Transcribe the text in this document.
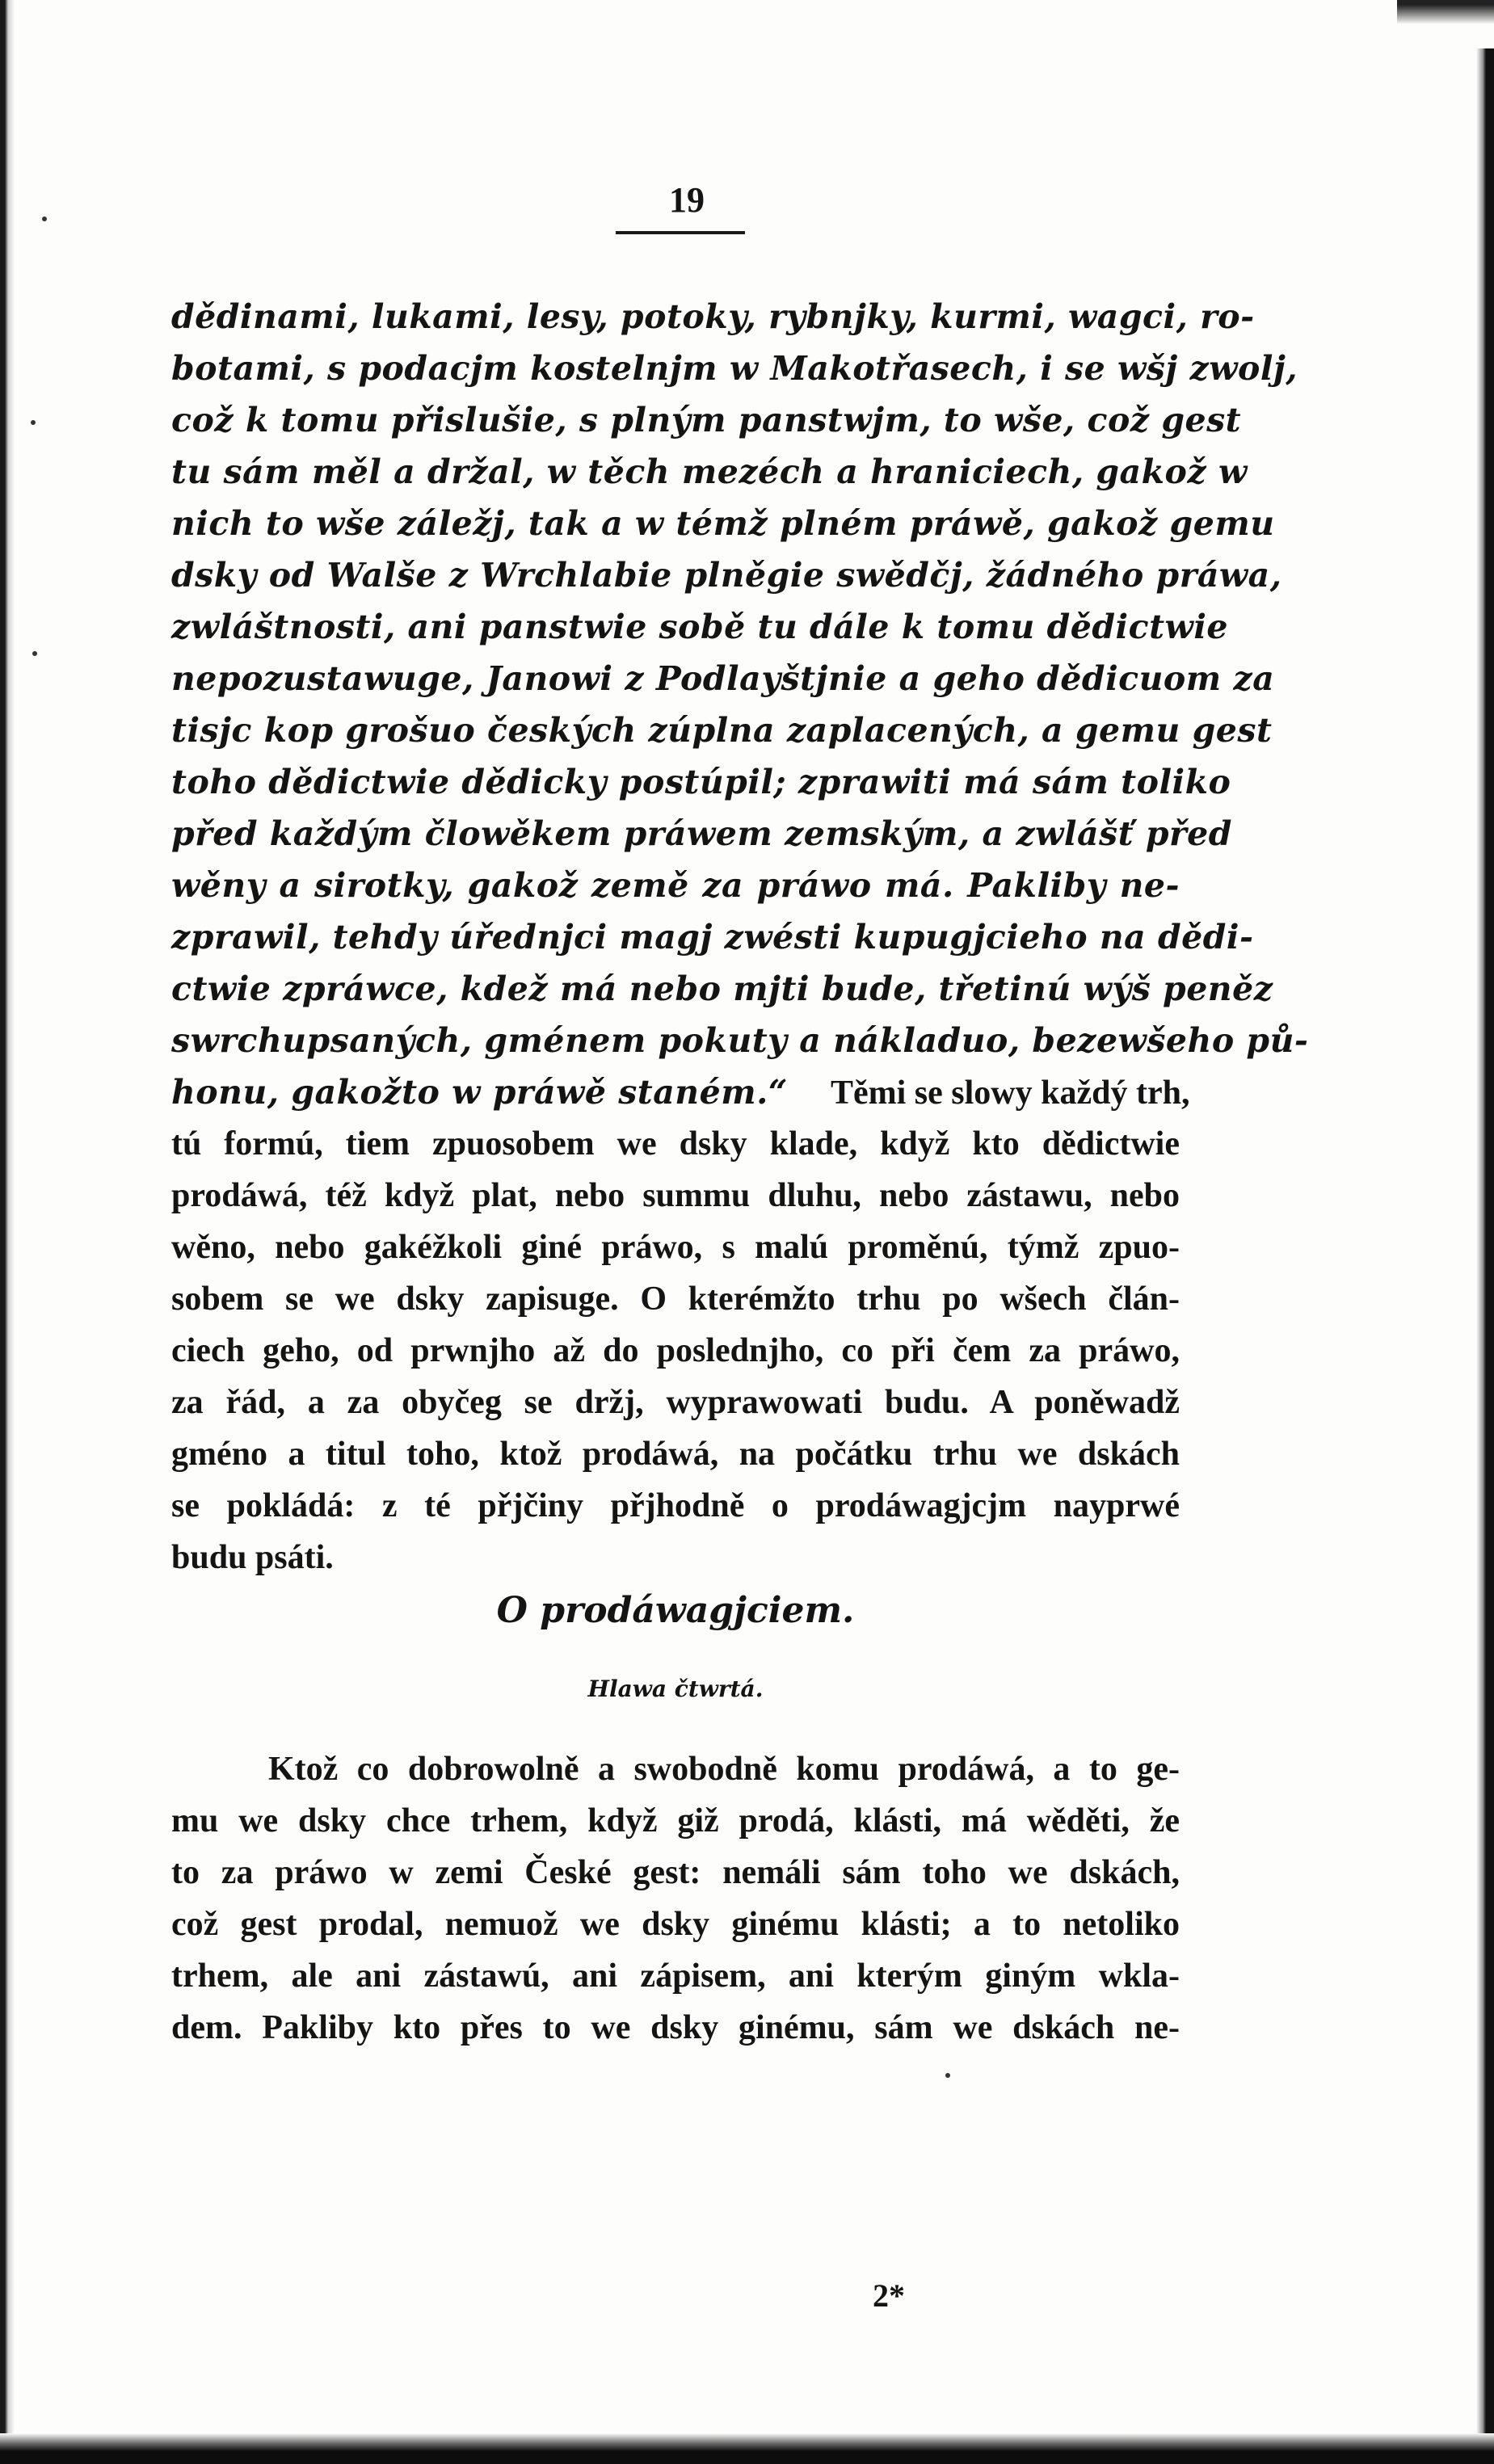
19
dědinami, lukami, lesy, potoky, rybnjky, kurmi, wagci, ro-
botami, s podacjm kostelnjm w Makotřasech, i se wšj zwolj,
což k tomu přislušie, s plným panstwjm, to wše, což gest
tu sám měl a držal, w těch mezéch a hraniciech, gakož w
nich to wše záležj, tak a w témž plném práwě, gakož gemu
dsky od Walše z Wrchlabie plněgie swědčj, žádného práwa,
zwláštnosti, ani panstwie sobě tu dále k tomu dědictwie
nepozustawuge, Janowi z Podlayštjnie a geho dědicuom za
tisjc kop grošuo českých zúplna zaplacených, a gemu gest
toho dědictwie dědicky postúpil; zprawiti má sám toliko
před každým člowěkem práwem zemským, a zwlášť před
wěny a sirotky, gakož země za práwo má. Pakliby ne-
zprawil, tehdy úřednjci magj zwésti kupugjcieho na dědi-
ctwie zpráwce, kdež má nebo mjti bude, třetinú wýš peněz
swrchupsaných, gménem pokuty a nákladuo, bezewšeho pů-
honu, gakožto w práwě staném.“ Těmi se slowy každý trh,
tú formú, tiem zpuosobem we dsky klade, když kto dědictwie
prodáwá, též když plat, nebo summu dluhu, nebo zástawu, nebo
wěno, nebo gakéžkoli giné práwo, s malú proměnú, týmž zpuo-
sobem se we dsky zapisuge. O kterémžto trhu po wšech člán-
ciech geho, od prwnjho až do poslednjho, co při čem za práwo,
za řád, a za obyčeg se držj, wyprawowati budu. A poněwadž
gméno a titul toho, ktož prodáwá, na počátku trhu we dskách
se pokládá: z té přjčiny přjhodně o prodáwagjcjm nayprwé
budu psáti.
O prodáwagjciem.
Hlawa čtwrtá.
Ktož co dobrowolně a swobodně komu prodáwá, a to ge-
mu we dsky chce trhem, když giž prodá, klásti, má wěděti, že
to za práwo w zemi České gest: nemáli sám toho we dskách,
což gest prodal, nemuož we dsky ginému klásti; a to netoliko
trhem, ale ani zástawú, ani zápisem, ani kterým giným wkla-
dem. Pakliby kto přes to we dsky ginému, sám we dskách ne-
2*
